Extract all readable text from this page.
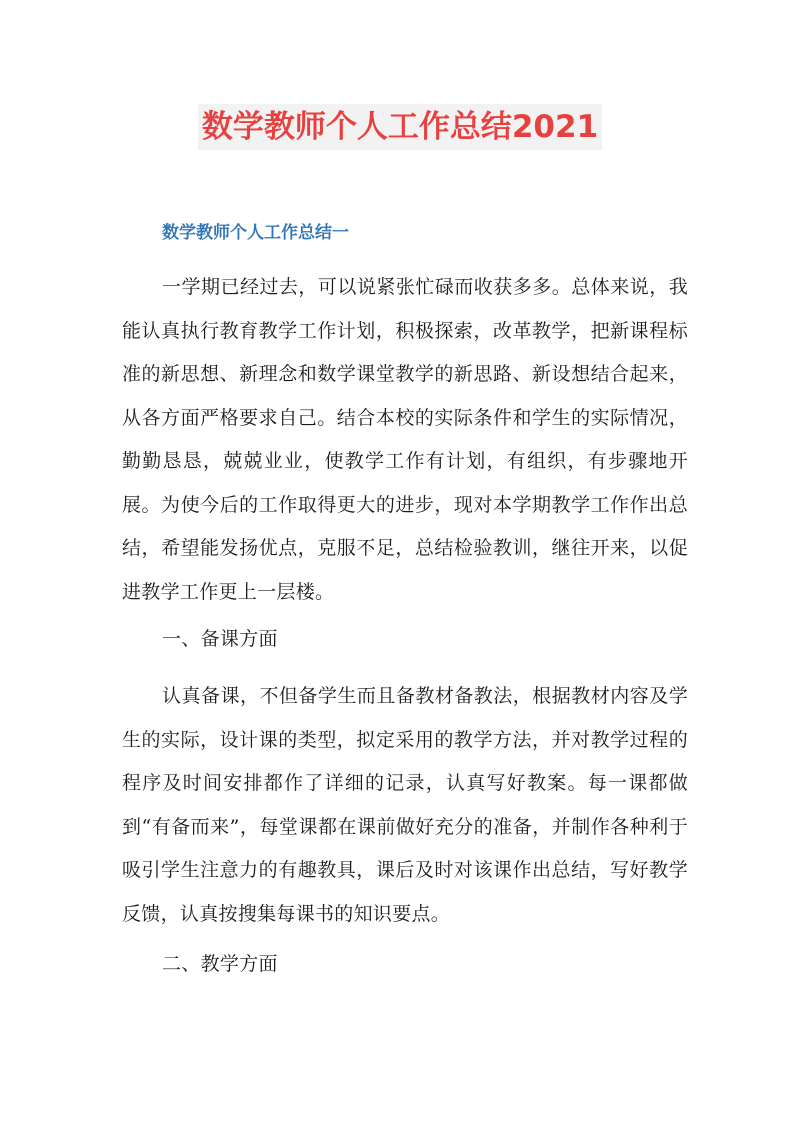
数学教师个人工作总结2021

数学教师个人工作总结一

一学期已经过去，可以说紧张忙碌而收获多多。总体来说，我能认真执行教育教学工作计划，积极探索，改革教学，把新课程标准的新思想、新理念和数学课堂教学的新思路、新设想结合起来，从各方面严格要求自己。结合本校的实际条件和学生的实际情况，勤勤恳恳，兢兢业业，使教学工作有计划，有组织，有步骤地开展。为使今后的工作取得更大的进步，现对本学期教学工作作出总结，希望能发扬优点，克服不足，总结检验教训，继往开来，以促进教学工作更上一层楼。

一、备课方面

认真备课，不但备学生而且备教材备教法，根据教材内容及学生的实际，设计课的类型，拟定采用的教学方法，并对教学过程的程序及时间安排都作了详细的记录，认真写好教案。每一课都做到“有备而来”，每堂课都在课前做好充分的准备，并制作各种利于吸引学生注意力的有趣教具，课后及时对该课作出总结，写好教学反馈，认真按搜集每课书的知识要点。

二、教学方面
